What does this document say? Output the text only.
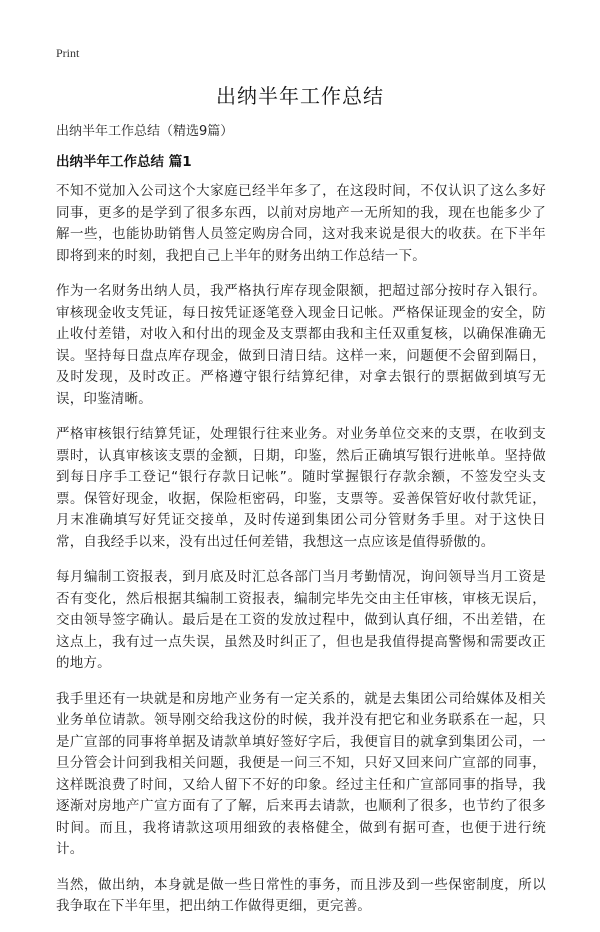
Print
出纳半年工作总结
出纳半年工作总结（精选9篇）
出纳半年工作总结 篇1

不知不觉加入公司这个大家庭已经半年多了，在这段时间，不仅认识了这么多好同事，更多的是学到了很多东西，以前对房地产一无所知的我，现在也能多少了解一些，也能协助销售人员签定购房合同，这对我来说是很大的收获。在下半年即将到来的时刻，我把自己上半年的财务出纳工作总结一下。

作为一名财务出纳人员，我严格执行库存现金限额，把超过部分按时存入银行。审核现金收支凭证，每日按凭证逐笔登入现金日记帐。严格保证现金的安全，防止收付差错，对收入和付出的现金及支票都由我和主任双重复核，以确保准确无误。坚持每日盘点库存现金，做到日清日结。这样一来，问题便不会留到隔日，及时发现，及时改正。严格遵守银行结算纪律，对拿去银行的票据做到填写无误，印鉴清晰。

严格审核银行结算凭证，处理银行往来业务。对业务单位交来的支票，在收到支票时，认真审核该支票的金额，日期，印鉴，然后正确填写银行进帐单。坚持做到每日序手工登记“银行存款日记帐”。随时掌握银行存款余额，不签发空头支票。保管好现金，收据，保险柜密码，印鉴，支票等。妥善保管好收付款凭证，月末准确填写好凭证交接单，及时传递到集团公司分管财务手里。对于这快日常，自我经手以来，没有出过任何差错，我想这一点应该是值得骄傲的。

每月编制工资报表，到月底及时汇总各部门当月考勤情况，询问领导当月工资是否有变化，然后根据其编制工资报表，编制完毕先交由主任审核，审核无误后，交由领导签字确认。最后是在工资的发放过程中，做到认真仔细，不出差错，在这点上，我有过一点失误，虽然及时纠正了，但也是我值得提高警惕和需要改正的地方。

我手里还有一块就是和房地产业务有一定关系的，就是去集团公司给媒体及相关业务单位请款。领导刚交给我这份的时候，我并没有把它和业务联系在一起，只是广宣部的同事将单据及请款单填好签好字后，我便盲目的就拿到集团公司，一旦分管会计问到我相关问题，我便是一问三不知，只好又回来问广宣部的同事，这样既浪费了时间，又给人留下不好的印象。经过主任和广宣部同事的指导，我逐渐对房地产广宣方面有了了解，后来再去请款，也顺利了很多，也节约了很多时间。而且，我将请款这项用细致的表格健全，做到有据可查，也便于进行统计。

当然，做出纳，本身就是做一些日常性的事务，而且涉及到一些保密制度，所以我争取在下半年里，把出纳工作做得更细，更完善。
